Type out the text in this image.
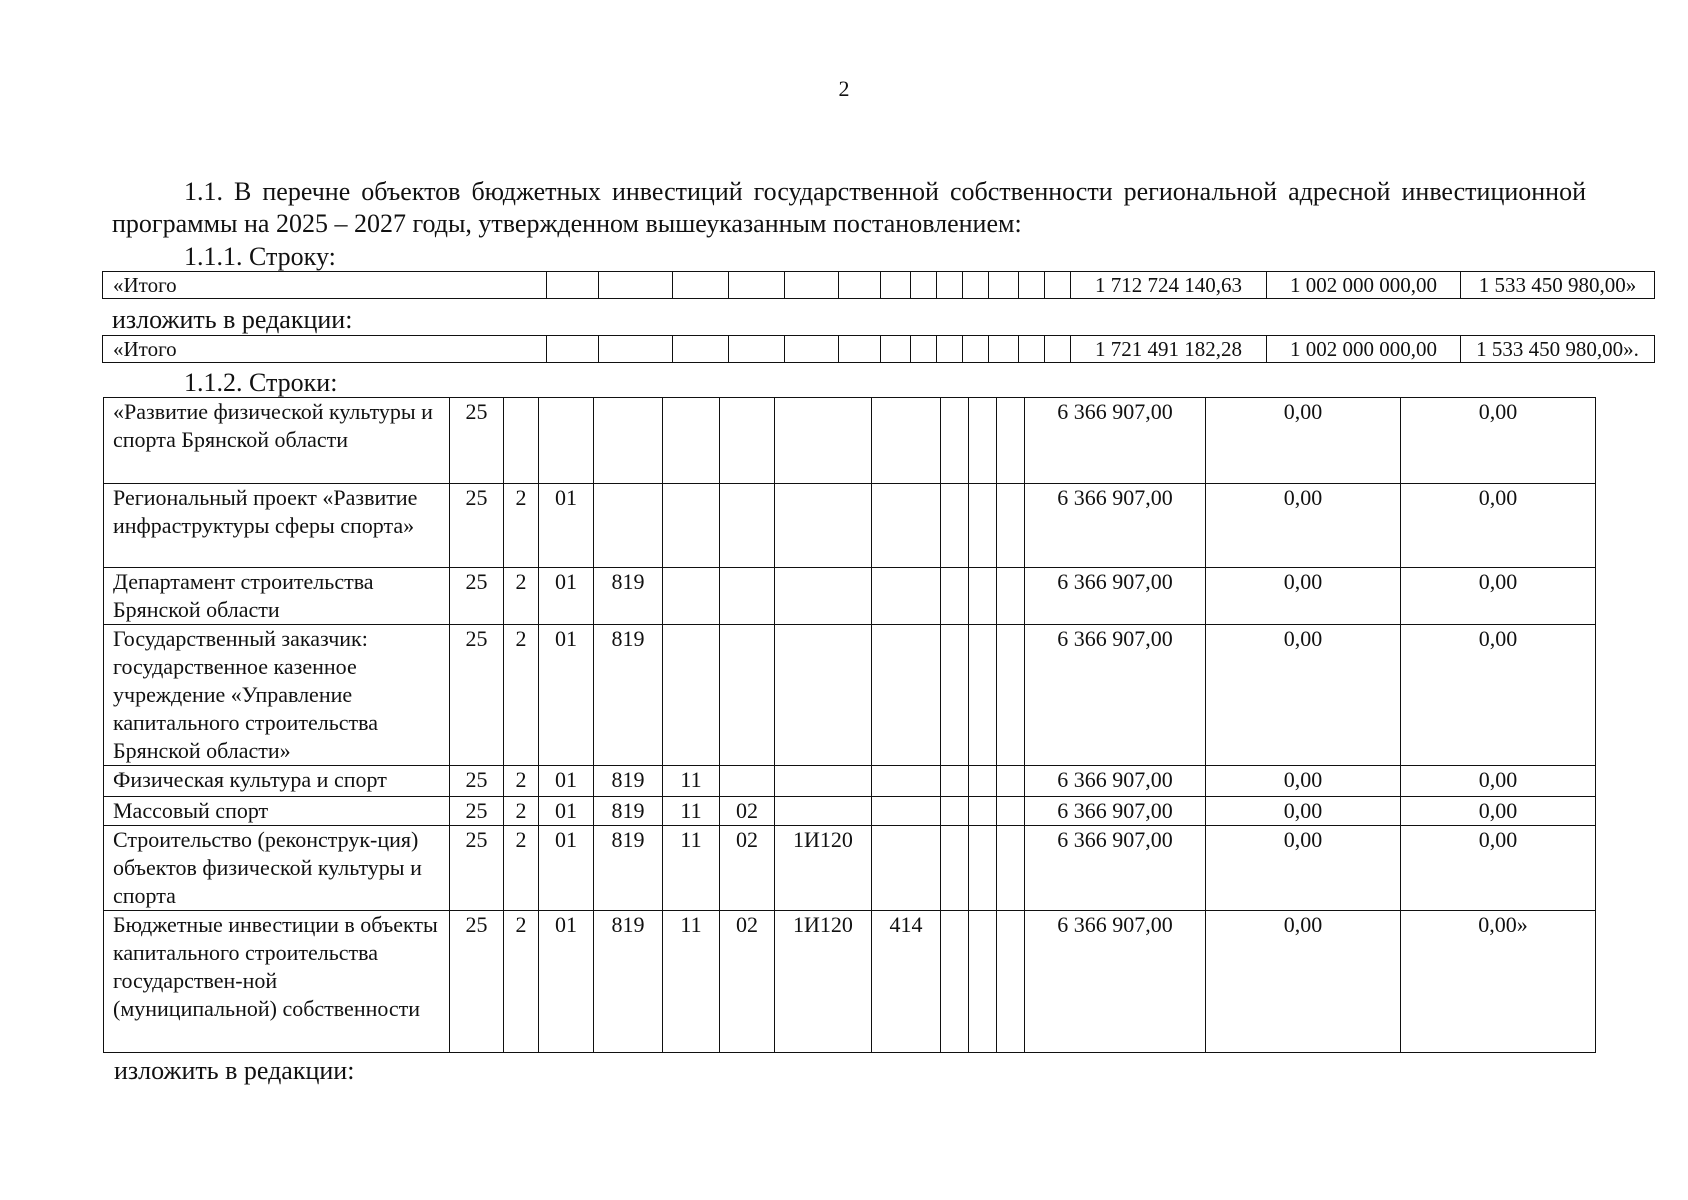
2
1.1. В перечне объектов бюджетных инвестиций государственной собственности региональной адресной инвестиционной программы на 2025 – 2027 годы, утвержденном вышеуказанным постановлением:
1.1.1. Строку:
«Итого														1 712 724 140,63	1 002 000 000,00	1 533 450 980,00»
изложить в редакции:
«Итого														1 721 491 182,28	1 002 000 000,00	1 533 450 980,00».
1.1.2. Строки:
«Развитие физической культуры и спорта Брянской области	25											6 366 907,00	0,00	0,00
Региональный проект «Развитие инфраструктуры сферы спорта»	25	2	01									6 366 907,00	0,00	0,00
Департамент строительства Брянской области	25	2	01	819								6 366 907,00	0,00	0,00
Государственный заказчик: государственное казенное учреждение «Управление капитального строительства Брянской области»	25	2	01	819								6 366 907,00	0,00	0,00
Физическая культура и спорт	25	2	01	819	11							6 366 907,00	0,00	0,00
Массовый спорт	25	2	01	819	11	02						6 366 907,00	0,00	0,00
Строительство (реконструк-ция) объектов физической культуры и спорта	25	2	01	819	11	02	1И120					6 366 907,00	0,00	0,00
Бюджетные инвестиции в объекты капитального строительства государствен-ной (муниципальной) собственности	25	2	01	819	11	02	1И120	414				6 366 907,00	0,00	0,00»
изложить в редакции:
